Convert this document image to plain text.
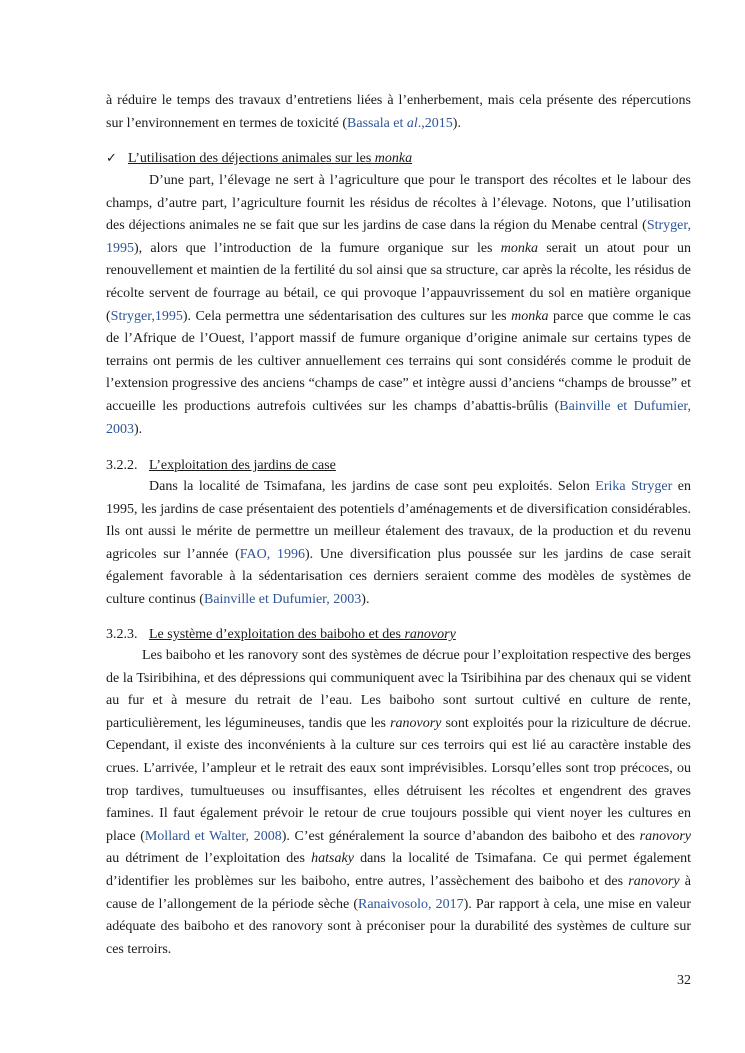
à réduire le temps des travaux d’entretiens liées à l’enherbement, mais cela présente des répercutions sur l’environnement en termes de toxicité (Bassala et al.,2015).

✓ L’utilisation des déjections animales sur les monka

D’une part, l’élevage ne sert à l’agriculture que pour le transport des récoltes et le labour des champs, d’autre part, l’agriculture fournit les résidus de récoltes à l’élevage. Notons, que l’utilisation des déjections animales ne se fait que sur les jardins de case dans la région du Menabe central (Stryger, 1995), alors que l’introduction de la fumure organique sur les monka serait un atout pour un renouvellement et maintien de la fertilité du sol ainsi que sa structure, car après la récolte, les résidus de récolte servent de fourrage au bétail, ce qui provoque l’appauvrissement du sol en matière organique (Stryger,1995). Cela permettra une sédentarisation des cultures sur les monka parce que comme le cas de l’Afrique de l’Ouest, l’apport massif de fumure organique d’origine animale sur certains types de terrains ont permis de les cultiver annuellement ces terrains qui sont considérés comme le produit de l’extension progressive des anciens “champs de case” et intègre aussi d’anciens “champs de brousse” et accueille les productions autrefois cultivées sur les champs d’abattis-brûlis (Bainville et Dufumier, 2003).

3.2.2. L’exploitation des jardins de case

Dans la localité de Tsimafana, les jardins de case sont peu exploités. Selon Erika Stryger en 1995, les jardins de case présentaient des potentiels d’aménagements et de diversification considérables. Ils ont aussi le mérite de permettre un meilleur étalement des travaux, de la production et du revenu agricoles sur l’année (FAO, 1996). Une diversification plus poussée sur les jardins de case serait également favorable à la sédentarisation ces derniers seraient comme des modèles de systèmes de culture continus (Bainville et Dufumier, 2003).

3.2.3. Le système d’exploitation des baiboho et des ranovory

Les baiboho et les ranovory sont des systèmes de décrue pour l’exploitation respective des berges de la Tsiribihina, et des dépressions qui communiquent avec la Tsiribihina par des chenaux qui se vident au fur et à mesure du retrait de l’eau. Les baiboho sont surtout cultivé en culture de rente, particulièrement, les légumineuses, tandis que les ranovory sont exploités pour la riziculture de décrue. Cependant, il existe des inconvénients à la culture sur ces terroirs qui est lié au caractère instable des crues. L’arrivée, l’ampleur et le retrait des eaux sont imprévisibles. Lorsqu’elles sont trop précoces, ou trop tardives, tumultueuses ou insuffisantes, elles détruisent les récoltes et engendrent des graves famines. Il faut également prévoir le retour de crue toujours possible qui vient noyer les cultures en place (Mollard et Walter, 2008). C’est généralement la source d’abandon des baiboho et des ranovory au détriment de l’exploitation des hatsaky dans la localité de Tsimafana. Ce qui permet également d’identifier les problèmes sur les baiboho, entre autres, l’assèchement des baiboho et des ranovory à cause de l’allongement de la période sèche (Ranaivosolo, 2017). Par rapport à cela, une mise en valeur adéquate des baiboho et des ranovory sont à préconiser pour la durabilité des systèmes de culture sur ces terroirs.

32
